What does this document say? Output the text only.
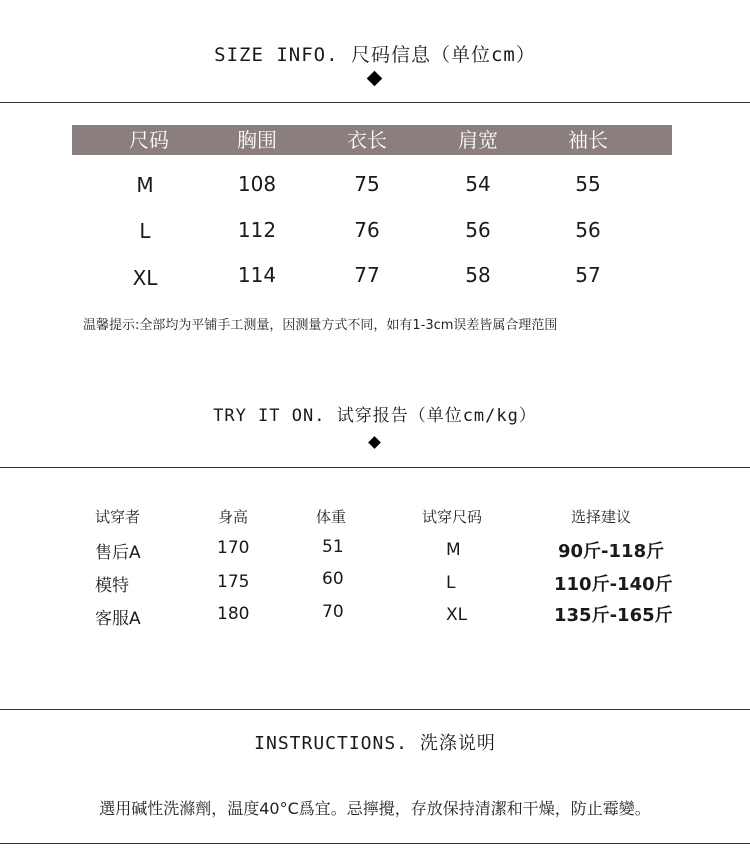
SIZE INFO. 尺码信息（单位cm）
尺码	胸围	衣长	肩宽	袖长
M	108	75	54	55
L	112	76	56	56
XL	114	77	58	57
温馨提示:全部均为平铺手工测量，因测量方式不同，如有1-3cm误差皆属合理范围
TRY IT ON. 试穿报告（单位cm/kg）
试穿者	身高	体重	试穿尺码	选择建议
售后A	170	51	M	90斤-118斤
模特	175	60	L	110斤-140斤
客服A	180	70	XL	135斤-165斤
INSTRUCTIONS. 洗涤说明
選用碱性洗滌劑，温度40°C爲宜。忌擰攪，存放保持清潔和干燥，防止霉變。
